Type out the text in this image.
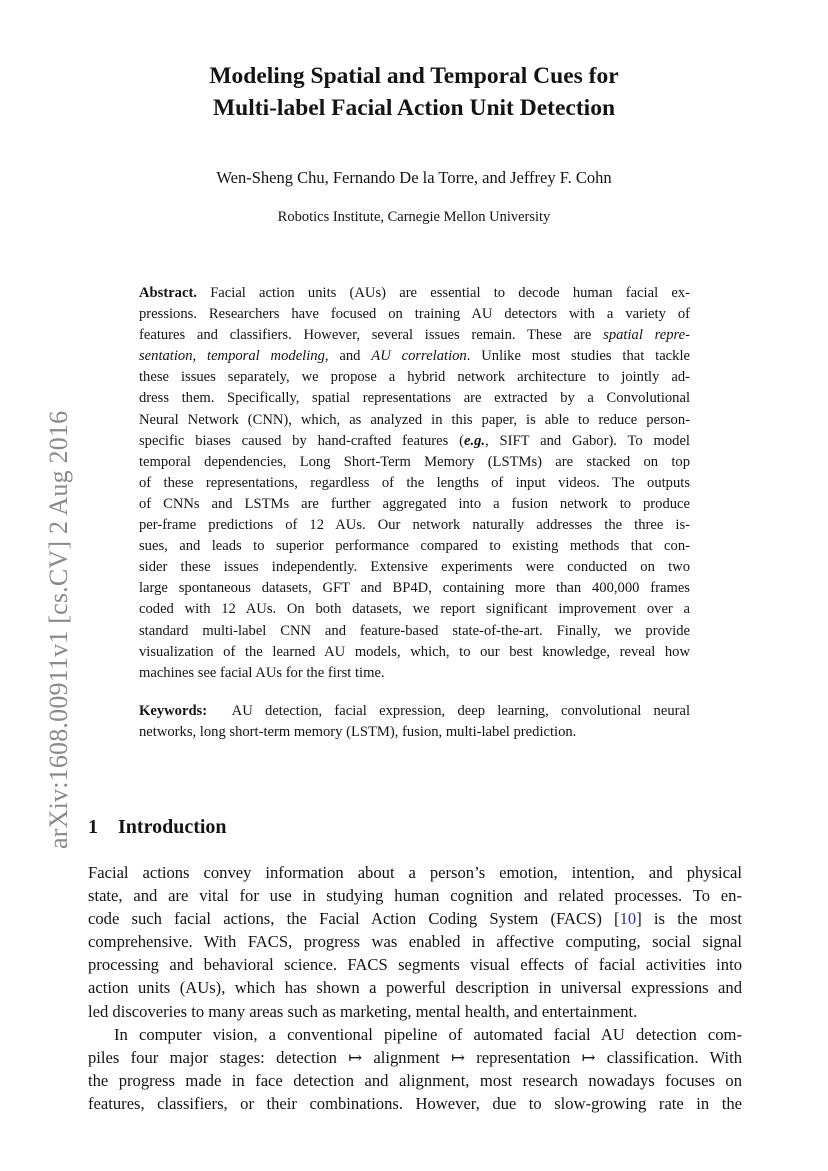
arXiv:1608.00911v1 [cs.CV] 2 Aug 2016
Modeling Spatial and Temporal Cues for
Multi-label Facial Action Unit Detection
Wen-Sheng Chu, Fernando De la Torre, and Jeffrey F. Cohn
Robotics Institute, Carnegie Mellon University
Abstract. Facial action units (AUs) are essential to decode human facial ex-
pressions. Researchers have focused on training AU detectors with a variety of
features and classifiers. However, several issues remain. These are spatial repre-
sentation, temporal modeling, and AU correlation. Unlike most studies that tackle
these issues separately, we propose a hybrid network architecture to jointly ad-
dress them. Specifically, spatial representations are extracted by a Convolutional
Neural Network (CNN), which, as analyzed in this paper, is able to reduce person-
specific biases caused by hand-crafted features (e.g., SIFT and Gabor). To model
temporal dependencies, Long Short-Term Memory (LSTMs) are stacked on top
of these representations, regardless of the lengths of input videos. The outputs
of CNNs and LSTMs are further aggregated into a fusion network to produce
per-frame predictions of 12 AUs. Our network naturally addresses the three is-
sues, and leads to superior performance compared to existing methods that con-
sider these issues independently. Extensive experiments were conducted on two
large spontaneous datasets, GFT and BP4D, containing more than 400,000 frames
coded with 12 AUs. On both datasets, we report significant improvement over a
standard multi-label CNN and feature-based state-of-the-art. Finally, we provide
visualization of the learned AU models, which, to our best knowledge, reveal how
machines see facial AUs for the first time.
Keywords: AU detection, facial expression, deep learning, convolutional neural
networks, long short-term memory (LSTM), fusion, multi-label prediction.
1 Introduction
Facial actions convey information about a person’s emotion, intention, and physical
state, and are vital for use in studying human cognition and related processes. To en-
code such facial actions, the Facial Action Coding System (FACS) [10] is the most
comprehensive. With FACS, progress was enabled in affective computing, social signal
processing and behavioral science. FACS segments visual effects of facial activities into
action units (AUs), which has shown a powerful description in universal expressions and
led discoveries to many areas such as marketing, mental health, and entertainment.
In computer vision, a conventional pipeline of automated facial AU detection com-
piles four major stages: detection ↦ alignment ↦ representation ↦ classification. With
the progress made in face detection and alignment, most research nowadays focuses on
features, classifiers, or their combinations. However, due to slow-growing rate in the
